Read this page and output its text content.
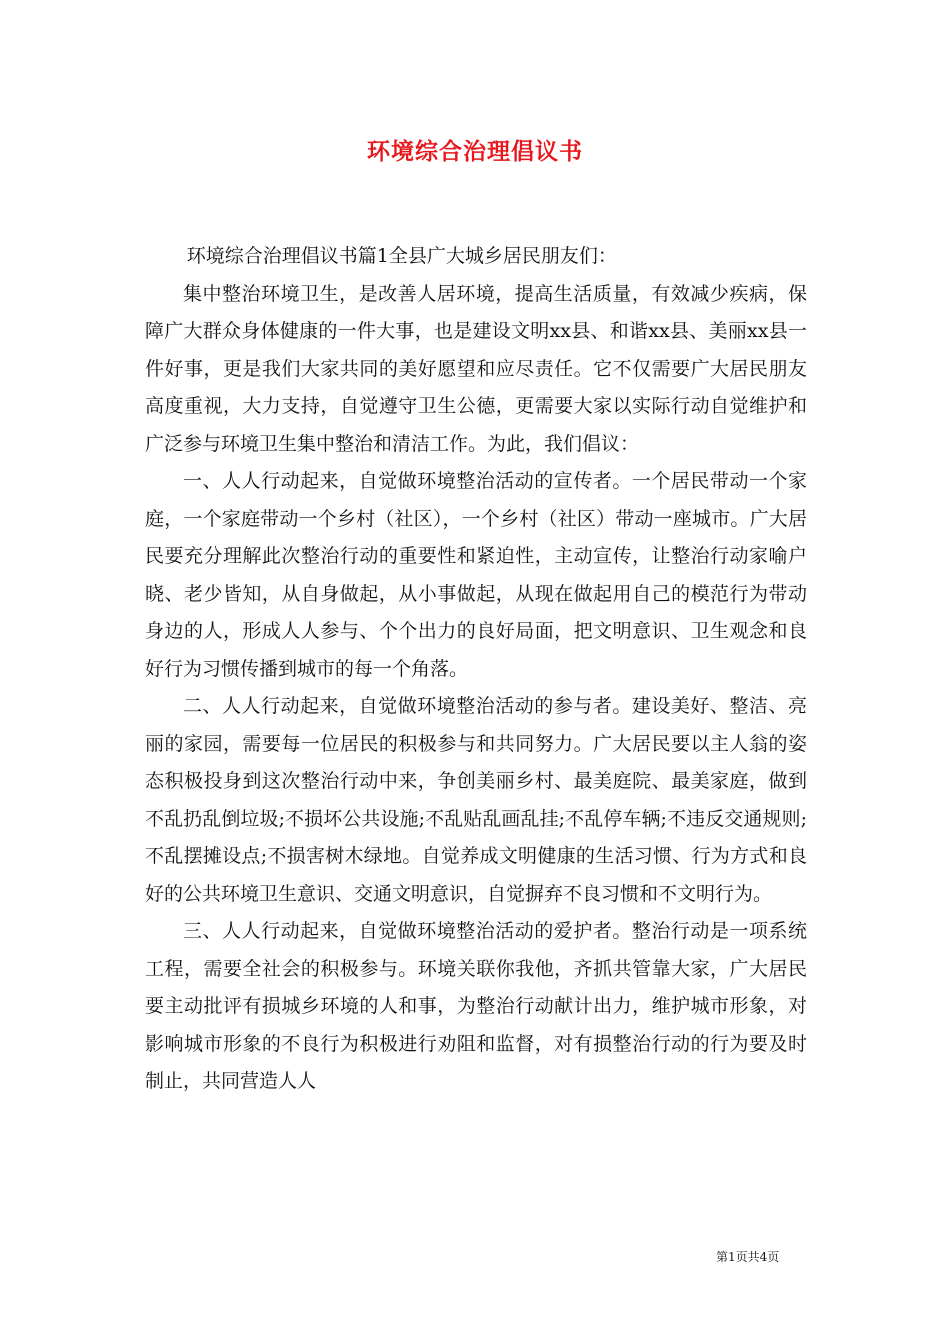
环境综合治理倡议书

环境综合治理倡议书篇1全县广大城乡居民朋友们：

集中整治环境卫生，是改善人居环境，提高生活质量，有效减少疾病，保障广大群众身体健康的一件大事，也是建设文明xx县、和谐xx县、美丽xx县一件好事，更是我们大家共同的美好愿望和应尽责任。它不仅需要广大居民朋友高度重视，大力支持，自觉遵守卫生公德，更需要大家以实际行动自觉维护和广泛参与环境卫生集中整治和清洁工作。为此，我们倡议：

一、人人行动起来，自觉做环境整治活动的宣传者。一个居民带动一个家庭，一个家庭带动一个乡村（社区），一个乡村（社区）带动一座城市。广大居民要充分理解此次整治行动的重要性和紧迫性，主动宣传，让整治行动家喻户晓、老少皆知，从自身做起，从小事做起，从现在做起用自己的模范行为带动身边的人，形成人人参与、个个出力的良好局面，把文明意识、卫生观念和良好行为习惯传播到城市的每一个角落。

二、人人行动起来，自觉做环境整治活动的参与者。建设美好、整洁、亮丽的家园，需要每一位居民的积极参与和共同努力。广大居民要以主人翁的姿态积极投身到这次整治行动中来，争创美丽乡村、最美庭院、最美家庭，做到不乱扔乱倒垃圾;不损坏公共设施;不乱贴乱画乱挂;不乱停车辆;不违反交通规则;不乱摆摊设点;不损害树木绿地。自觉养成文明健康的生活习惯、行为方式和良好的公共环境卫生意识、交通文明意识，自觉摒弃不良习惯和不文明行为。

三、人人行动起来，自觉做环境整治活动的爱护者。整治行动是一项系统工程，需要全社会的积极参与。环境关联你我他，齐抓共管靠大家，广大居民要主动批评有损城乡环境的人和事，为整治行动献计出力，维护城市形象，对影响城市形象的不良行为积极进行劝阻和监督，对有损整治行动的行为要及时制止，共同营造人人

第1页共4页
